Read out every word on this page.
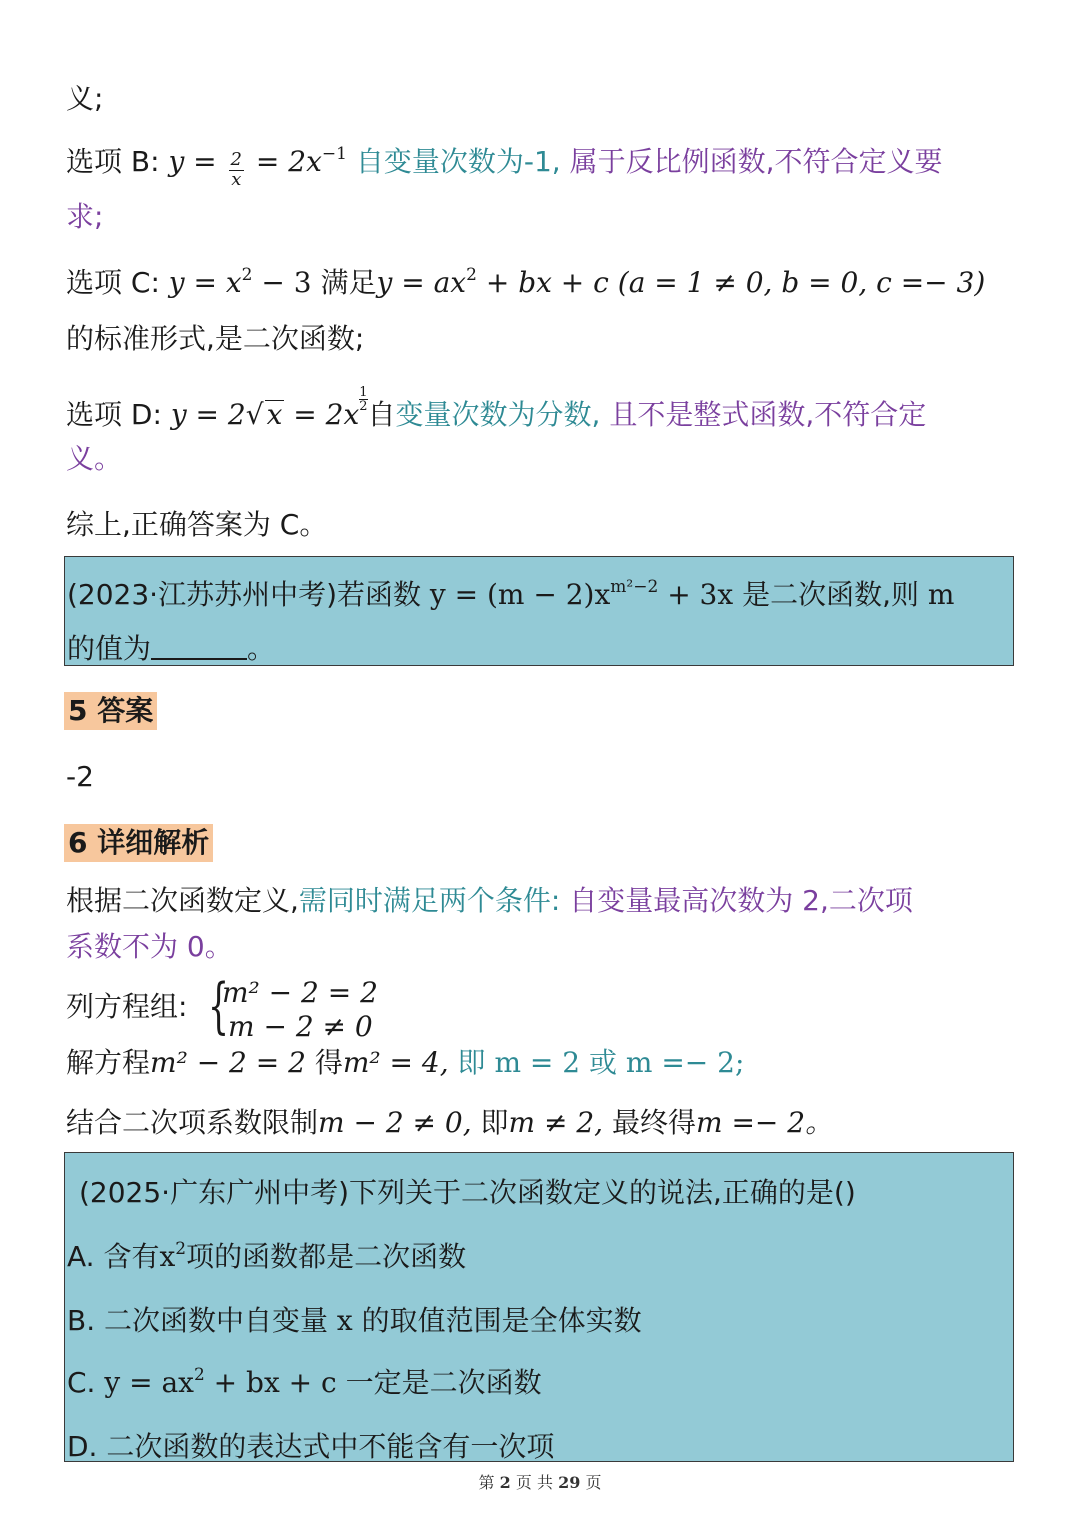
义;
选项 B: $y = \frac{2}{x} = 2x^{-1}$ 自变量次数为-1, 属于反比例函数,不符合定义要
求;
选项 C: $y = x^2 - 3$ 满足$y = ax^2$ + bx + c (a = 1 ≠ 0, b = 0, c =− 3)
的标准形式,是二次函数;
选项 D: y = 2√ $x = 2x \frac{1}{2}$ 自变量次数为分数, 且不是整式函数,不符合定
义。
综上,正确答案为 C。
(2023·江苏苏州中考)若函数 $y = (m - 2)x^{m^2-2} + 3x$ 是二次函数,则 m
的值为	。
5 答案
-2
6 详细解析
根据二次函数定义,需同时满足两个条件: 自变量最高次数为 2,二次项
系数不为 0。
列方程组: {
m² − 2 = 2
m − 2 ≠ 0
解方程m² − 2 = 2 得m² = 4, 即 m = 2 或 m =− 2;
结合二次项系数限制m − 2 ≠ 0, 即m ≠ 2, 最终得m =− 2。
(2025·广东广州中考)下列关于二次函数定义的说法,正确的是()
A. 含有$x^2$项的函数都是二次函数
B. 二次函数中自变量 x 的取值范围是全体实数
C. $y = ax^2$ + bx + c 一定是二次函数
D. 二次函数的表达式中不能含有一次项
第 2 页 共 29 页
